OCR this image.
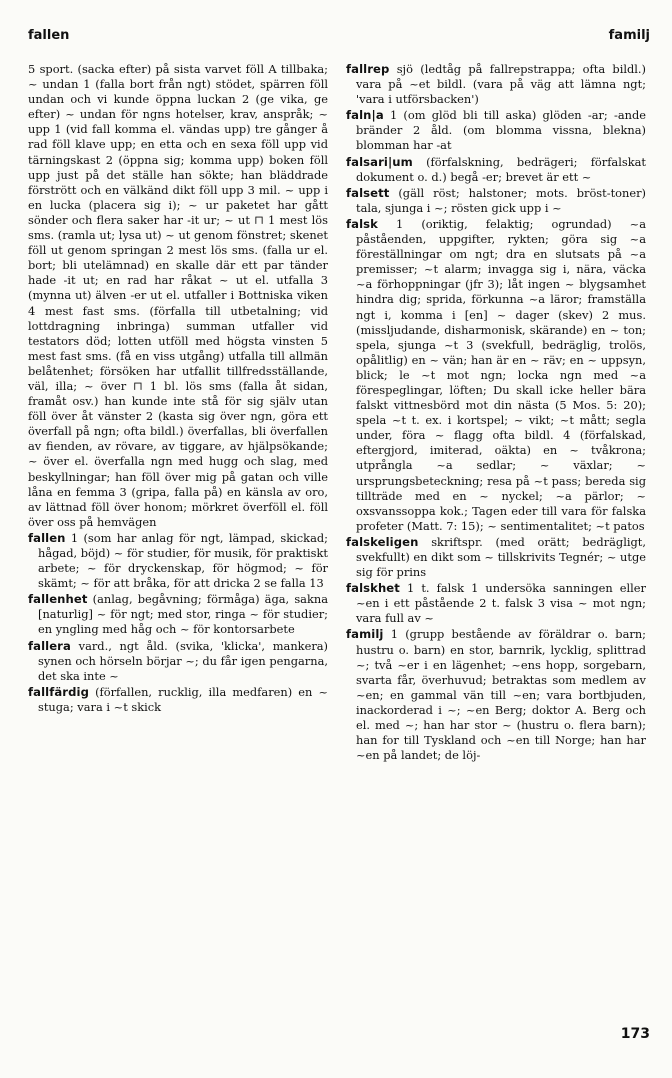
fallen	familj

5 sport. (sacka efter) på sista varvet föll A tillbaka; ~ undan 1 (falla bort från ngt) stödet, spärren föll undan och vi kunde öppna luckan 2 (ge vika, ge efter) ~ undan för ngns hotelser, krav, anspråk; ~ upp 1 (vid fall komma el. vändas upp) tre gånger å rad föll klave upp; en etta och en sexa föll upp vid tärningskast 2 (öppna sig; komma upp) boken föll upp just på det ställe han sökte; han bläddrade förstrött och en välkänd dikt föll upp 3 mil. ~ upp i en lucka (placera sig i); ~ ur paketet har gått sönder och flera saker har -it ur; ~ ut ⊓ 1 mest lös sms. (ramla ut; lysa ut) ~ ut genom fönstret; skenet föll ut genom springan 2 mest lös sms. (falla ur el. bort; bli utelämnad) en skalle där ett par tänder hade -it ut; en rad har råkat ~ ut el. utfalla 3 (mynna ut) älven -er ut el. utfaller i Bottniska viken 4 mest fast sms. (förfalla till utbetalning; vid lottdragning inbringa) summan utfaller vid testators död; lotten utföll med högsta vinsten 5 mest fast sms. (få en viss utgång) utfalla till allmän belåtenhet; försöken har utfallit tillfredsställande, väl, illa; ~ över ⊓ 1 bl. lös sms (falla åt sidan, framåt osv.) han kunde inte stå för sig själv utan föll över åt vänster 2 (kasta sig över ngn, göra ett överfall på ngn; ofta bildl.) överfallas, bli överfallen av fienden, av rövare, av tiggare, av hjälpsökande; ~ över el. överfalla ngn med hugg och slag, med beskyllningar; han föll över mig på gatan och ville låna en femma 3 (gripa, falla på) en känsla av oro, av lättnad föll över honom; mörkret överföll el. föll över oss på hemvägen

fallen 1 (som har anlag för ngt, lämpad, skickad; hågad, böjd) ~ för studier, för musik, för praktiskt arbete; ~ för dryckenskap, för högmod; ~ för skämt; ~ för att bråka, för att dricka 2 se falla 13

fallenhet (anlag, begåvning; förmåga) äga, sakna [naturlig] ~ för ngt; med stor, ringa ~ för studier; en yngling med håg och ~ för kontorsarbete

fallera vard., ngt åld. (svika, 'klicka', mankera) synen och hörseln börjar ~; du får igen pengarna, det ska inte ~

fallfärdig (förfallen, rucklig, illa medfaren) en ~ stuga; vara i ~t skick

fallrep sjö (ledtåg på fallrepstrappa; ofta bildl.) vara på ~et bildl. (vara på väg att lämna ngt; 'vara i utförsbacken')

faln|a 1 (om glöd bli till aska) glöden -ar; -ande bränder 2 åld. (om blomma vissna, blekna) blomman har -at

falsari|um (förfalskning, bedrägeri; förfalskat dokument o. d.) begå -er; brevet är ett ~

falsett (gäll röst; halstoner; mots. bröst-toner) tala, sjunga i ~; rösten gick upp i ~

falsk 1 (oriktig, felaktig; ogrundad) ~a påståenden, uppgifter, rykten; göra sig ~a föreställningar om ngt; dra en slutsats på ~a premisser; ~t alarm; invagga sig i, nära, väcka ~a förhoppningar (jfr 3); låt ingen ~ blygsamhet hindra dig; sprida, förkunna ~a läror; framställa ngt i, komma i [en] ~ dager (skev) 2 mus. (missljudande, disharmonisk, skärande) en ~ ton; spela, sjunga ~t 3 (svekfull, bedräglig, trolös, opålitlig) en ~ vän; han är en ~ räv; en ~ uppsyn, blick; le ~t mot ngn; locka ngn med ~a förespeglingar, löften; Du skall icke heller bära falskt vittnesbörd mot din nästa (5 Mos. 5: 20); spela ~t t. ex. i kortspel; ~ vikt; ~t mått; segla under, föra ~ flagg ofta bildl. 4 (förfalskad, eftergjord, imiterad, oäkta) en ~ tvåkrona; utprångla ~a sedlar; ~ växlar; ~ ursprungsbeteckning; resa på ~t pass; bereda sig tillträde med en ~ nyckel; ~a pärlor; ~ oxsvanssoppa kok.; Tagen eder till vara för falska profeter (Matt. 7: 15); ~ sentimentalitet; ~t patos

falskeligen skriftspr. (med orätt; bedrägligt, svekfullt) en dikt som ~ tillskrivits Tegnér; ~ utge sig för prins

falskhet 1 t. falsk 1 undersöka sanningen eller ~en i ett påstående 2 t. falsk 3 visa ~ mot ngn; vara full av ~

familj 1 (grupp bestående av föräldrar o. barn; hustru o. barn) en stor, barnrik, lycklig, splittrad ~; två ~er i en lägenhet; ~ens hopp, sorgebarn, svarta får, överhuvud; betraktas som medlem av ~en; en gammal vän till ~en; vara bortbjuden, inackorderad i ~; ~en Berg; doktor A. Berg och el. med ~; han har stor ~ (hustru o. flera barn); han for till Tyskland och ~en till Norge; han har ~en på landet; de löj-

173
